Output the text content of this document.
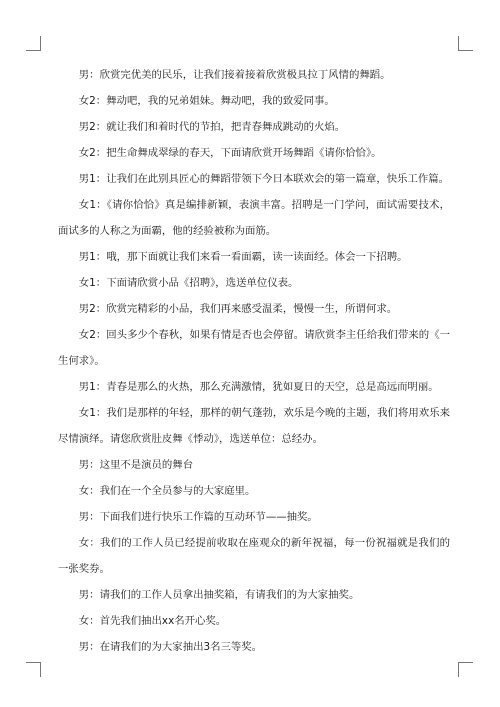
男：欣赏完优美的民乐，让我们接着接着欣赏极具拉丁风情的舞蹈。

女2：舞动吧，我的兄弟姐妹。舞动吧，我的致爱同事。

男2：就让我们和着时代的节拍，把青春舞成跳动的火焰。

女2：把生命舞成翠绿的春天，下面请欣赏开场舞蹈《请你恰恰》。

男1：让我们在此别具匠心的舞蹈带领下今日本联欢会的第一篇章，快乐工作篇。

女1：《请你恰恰》真是编排新颖，表演丰富。招聘是一门学问，面试需要技术，面试多的人称之为面霸，他的经验被称为面筋。

男1：哦，那下面就让我们来看一看面霸，读一读面经。体会一下招聘。

女1：下面请欣赏小品《招聘》，选送单位仪表。

男2：欣赏完精彩的小品，我们再来感受温柔，慢慢一生，所谓何求。

女2：回头多少个春秋，如果有情是否也会停留。请欣赏李主任给我们带来的《一生何求》。

男1：青春是那么的火热，那么充满激情，犹如夏日的天空，总是高远而明丽。

女1：我们是那样的年轻，那样的朝气蓬勃，欢乐是今晚的主题，我们将用欢乐来尽情演绎。请您欣赏肚皮舞《悸动》，选送单位：总经办。

男：这里不是演员的舞台

女：我们在一个全员参与的大家庭里。

男：下面我们进行快乐工作篇的互动环节——抽奖。

女：我们的工作人员已经提前收取在座观众的新年祝福，每一份祝福就是我们的一张奖券。

男：请我们的工作人员拿出抽奖箱，有请我们的为大家抽奖。

女：首先我们抽出xx名开心奖。

男：在请我们的为大家抽出3名三等奖。
